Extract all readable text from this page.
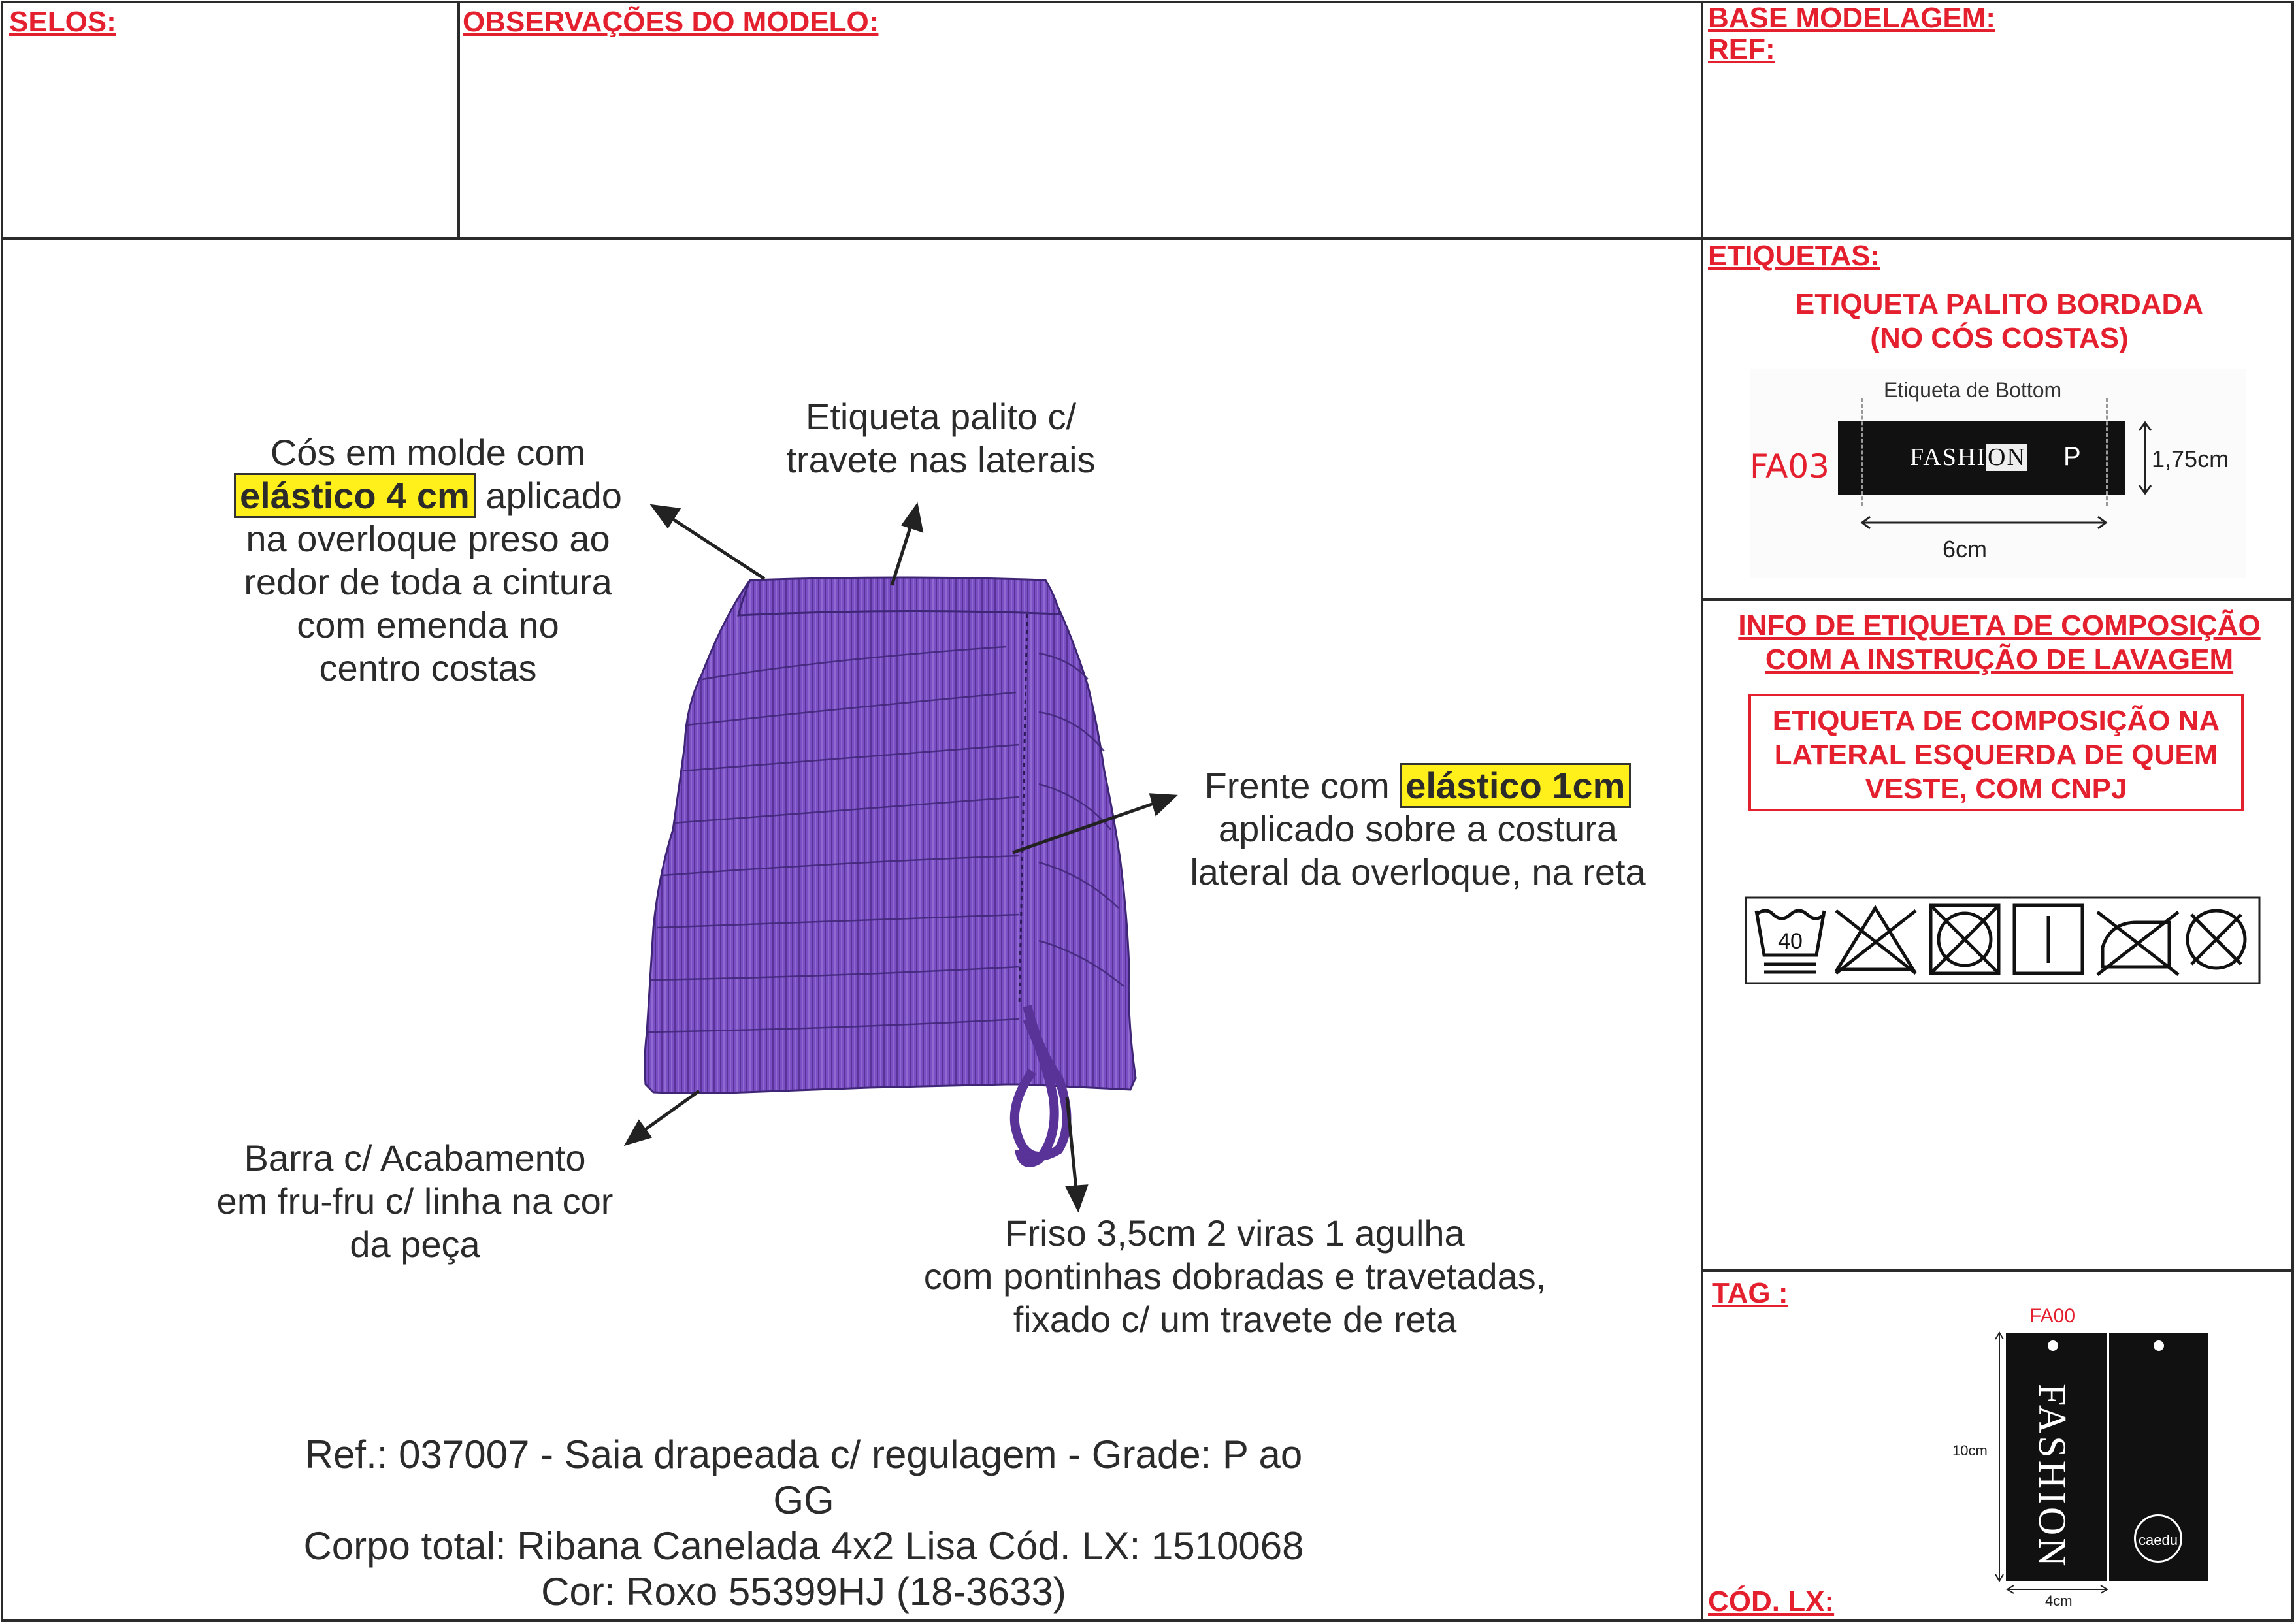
SELOS:	OBSERVAÇÕES DO MODELO:	BASE MODELAGEM:
REF:
ETIQUETAS:
TAG :
CÓD. LX:
ETIQUETA PALITO BORDADA
(NO CÓS COSTAS)
FA03
Etiqueta de Bottom
FASHION P	1,75cm
6cm
INFO DE ETIQUETA DE COMPOSIÇÃO
COM A INSTRUÇÃO DE LAVAGEM
ETIQUETA DE COMPOSIÇÃO NA
LATERAL ESQUERDA DE QUEM
VESTE, COM CNPJ
40
FA00
FASHION	caedu
10cm
4cm
Cós em molde com
elástico 4 cm aplicado
na overloque preso ao
redor de toda a cintura
com emenda no
centro costas
Etiqueta palito c/
travete nas laterais
Frente com elástico 1cm
aplicado sobre a costura
lateral da overloque, na reta
Barra c/ Acabamento
em fru-fru c/ linha na cor
da peça	Friso 3,5cm 2 viras 1 agulha
com pontinhas dobradas e travetadas,
fixado c/ um travete de reta
Ref.: 037007 - Saia drapeada c/ regulagem - Grade: P ao GG
Corpo total: Ribana Canelada 4x2 Lisa Cód. LX: 1510068
Cor: Roxo 55399HJ (18-3633)
